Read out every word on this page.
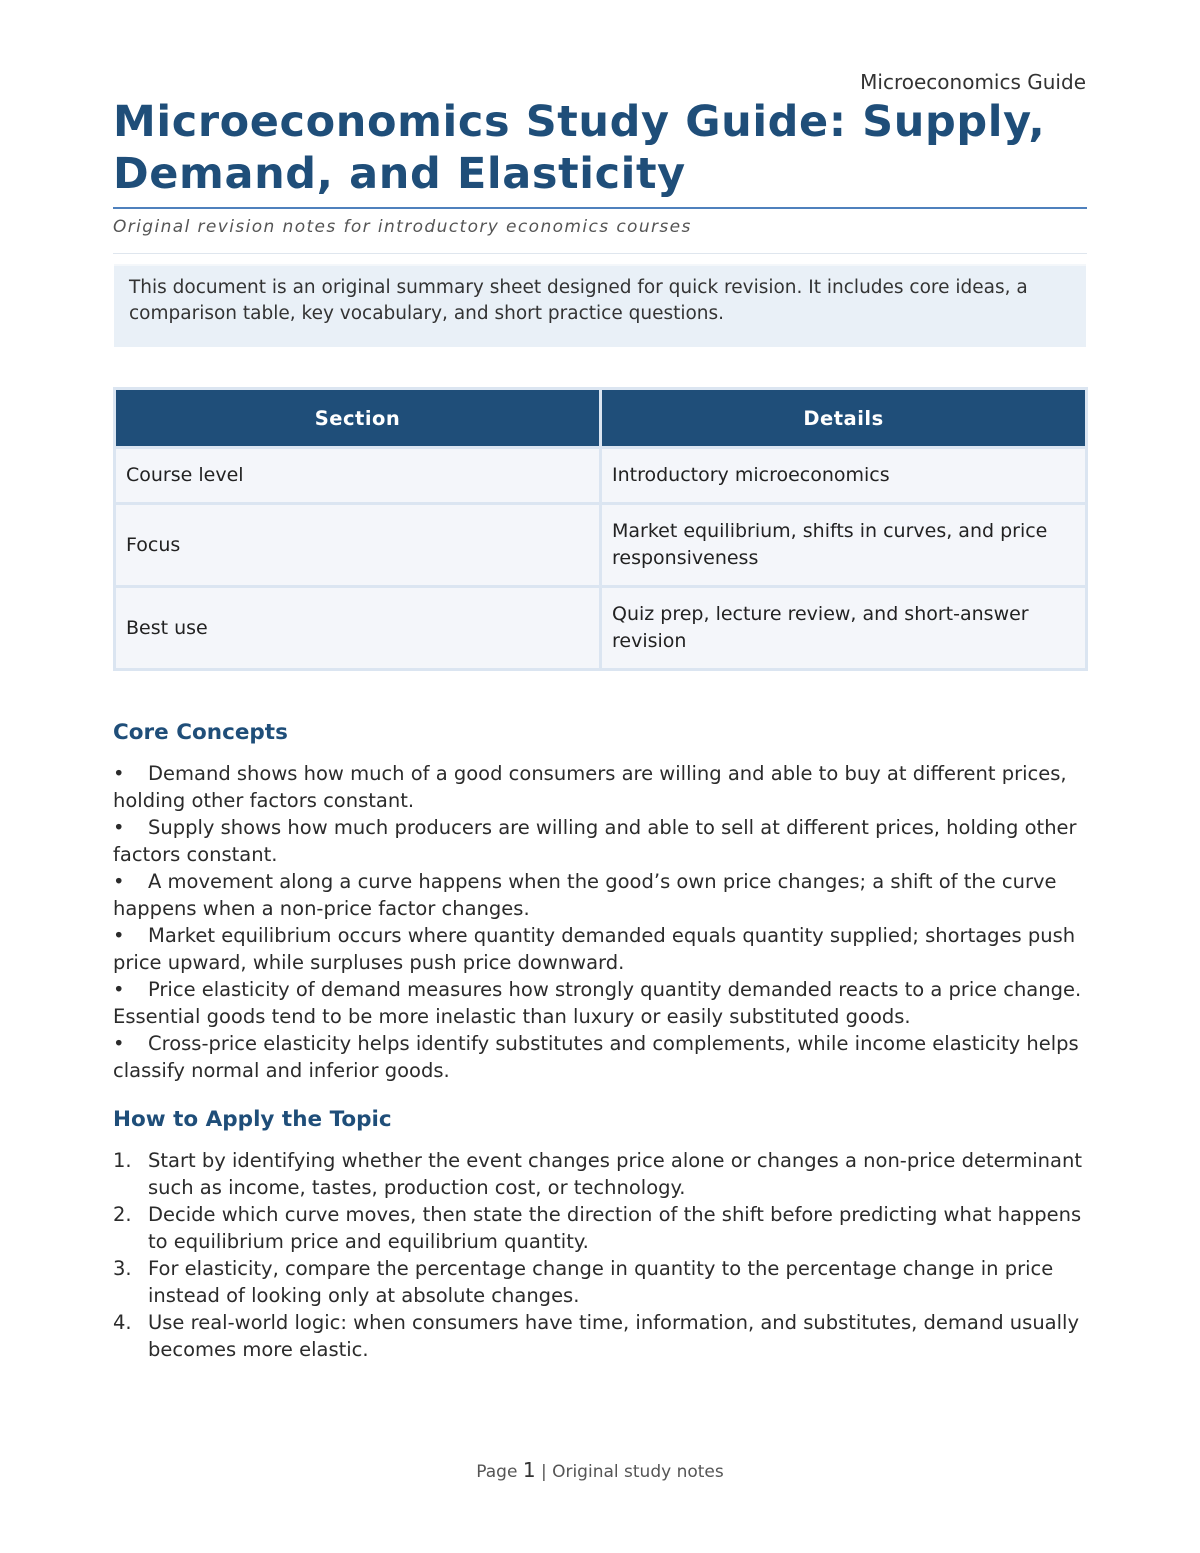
Microeconomics Guide
Microeconomics Study Guide: Supply, Demand, and Elasticity
Original revision notes for introductory economics courses
This document is an original summary sheet designed for quick revision. It includes core ideas, a comparison table, key vocabulary, and short practice questions.
Section	Details
Course level	Introductory microeconomics
Focus	Market equilibrium, shifts in curves, and price responsiveness
Best use	Quiz prep, lecture review, and short-answer revision
Core Concepts
• Demand shows how much of a good consumers are willing and able to buy at different prices, holding other factors constant.
• Supply shows how much producers are willing and able to sell at different prices, holding other factors constant.
• A movement along a curve happens when the good’s own price changes; a shift of the curve happens when a non-price factor changes.
• Market equilibrium occurs where quantity demanded equals quantity supplied; shortages push price upward, while surpluses push price downward.
• Price elasticity of demand measures how strongly quantity demanded reacts to a price change. Essential goods tend to be more inelastic than luxury or easily substituted goods.
• Cross-price elasticity helps identify substitutes and complements, while income elasticity helps classify normal and inferior goods.
How to Apply the Topic
1. Start by identifying whether the event changes price alone or changes a non-price determinant such as income, tastes, production cost, or technology.
2. Decide which curve moves, then state the direction of the shift before predicting what happens to equilibrium price and equilibrium quantity.
3. For elasticity, compare the percentage change in quantity to the percentage change in price instead of looking only at absolute changes.
4. Use real-world logic: when consumers have time, information, and substitutes, demand usually becomes more elastic.
Page 1 | Original study notes
